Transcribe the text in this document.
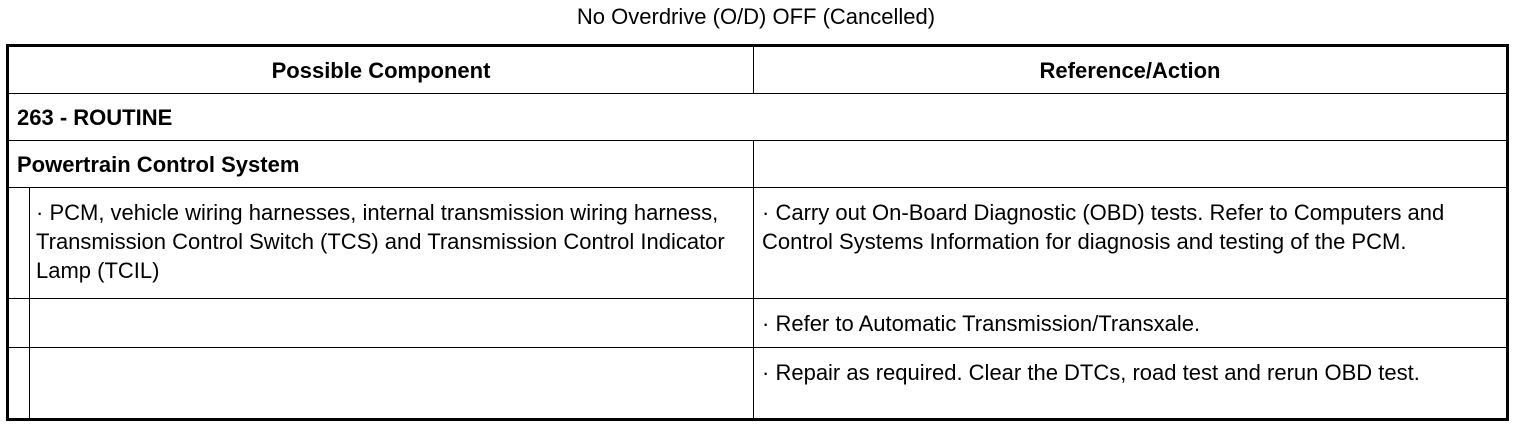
No Overdrive (O/D) OFF (Cancelled)
Possible Component		Reference/Action
263 - ROUTINE		
Powertrain Control System		
	· PCM, vehicle wiring harnesses, internal transmission wiring harness, Transmission Control Switch (TCS) and Transmission Control Indicator Lamp (TCIL)	· Carry out On-Board Diagnostic (OBD) tests. Refer to Computers and Control Systems Information for diagnosis and testing of the PCM.
		· Refer to Automatic Transmission/Transxale.
		· Repair as required. Clear the DTCs, road test and rerun OBD test.
